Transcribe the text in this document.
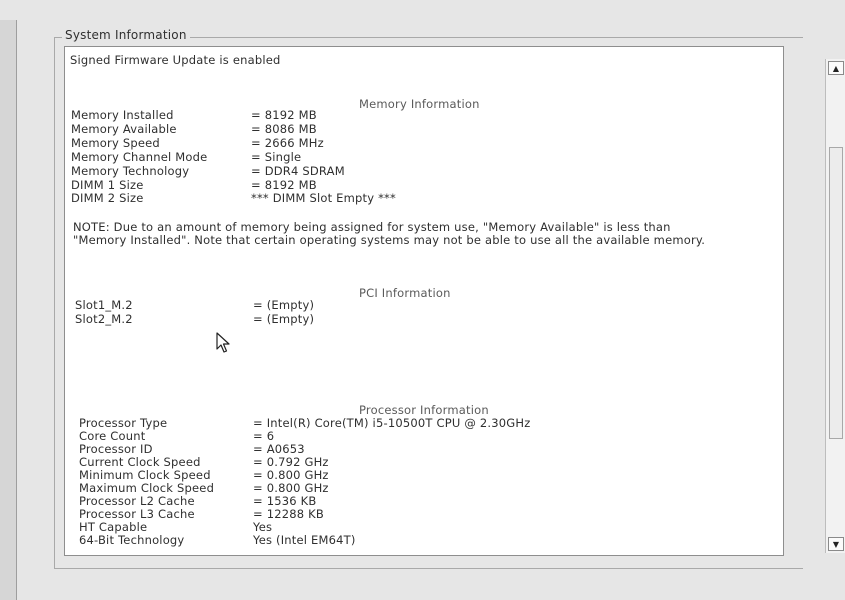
System Information
Signed Firmware Update is enabled
Memory Information
Memory Installed	= 8192 MB
Memory Available	= 8086 MB
Memory Speed	= 2666 MHz
Memory Channel Mode	= Single
Memory Technology	= DDR4 SDRAM
DIMM 1 Size	= 8192 MB
DIMM 2 Size	*** DIMM Slot Empty ***
NOTE: Due to an amount of memory being assigned for system use, "Memory Available" is less than "Memory Installed". Note that certain operating systems may not be able to use all the available memory.
PCI Information
Slot1_M.2	= (Empty)
Slot2_M.2	= (Empty)
Processor Information
Processor Type	= Intel(R) Core(TM) i5-10500T CPU @ 2.30GHz
Core Count	= 6
Processor ID	= A0653
Current Clock Speed	= 0.792 GHz
Minimum Clock Speed	= 0.800 GHz
Maximum Clock Speed	= 0.800 GHz
Processor L2 Cache	= 1536 KB
Processor L3 Cache	= 12288 KB
HT Capable	Yes
64-Bit Technology	Yes (Intel EM64T)
▲
▼
